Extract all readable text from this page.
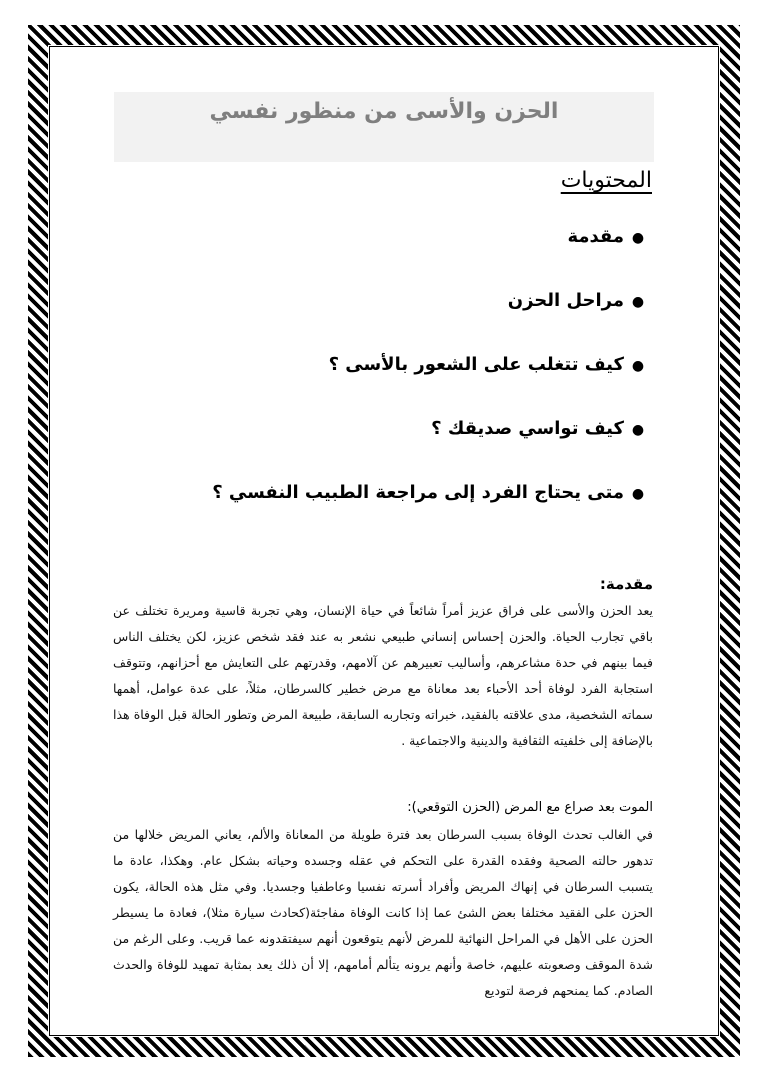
الحزن والأسى من منظور نفسي
المحتويات
●مقدمة
●مراحل الحزن
●كيف تتغلب على الشعور بالأسى ؟
●كيف تواسي صديقك ؟
●متى يحتاج الفرد إلى مراجعة الطبيب النفسي ؟
مقدمة:
يعد الحزن والأسى على فراق عزيز أمراً شائعاً في حياة الإنسان، وهي تجربة قاسية ومريرة تختلف عن باقي تجارب الحياة. والحزن إحساس إنساني طبيعي نشعر به عند فقد شخص عزيز، لكن يختلف الناس فيما بينهم في حدة مشاعرهم، وأساليب تعبيرهم عن آلامهم، وقدرتهم على التعايش مع أحزانهم، وتتوقف استجابة الفرد لوفاة أحد الأحباء بعد معاناة مع مرض خطير كالسرطان، مثلاً، على عدة عوامل، أهمها سماته الشخصية، مدى علاقته بالفقيد، خبراته وتجاربه السابقة، طبيعة المرض وتطور الحالة قبل الوفاة هذا بالإضافة إلى خلفيته الثقافية والدينية والاجتماعية .
الموت بعد صراع مع المرض (الحزن التوقعي):
في الغالب تحدث الوفاة بسبب السرطان بعد فترة طويلة من المعاناة والألم، يعاني المريض خلالها من تدهور حالته الصحية وفقده القدرة على التحكم في عقله وجسده وحياته بشكل عام. وهكذا، عادة ما يتسبب السرطان في إنهاك المريض وأفراد أسرته نفسيا وعاطفيا وجسديا. وفي مثل هذه الحالة، يكون الحزن على الفقيد مختلفا بعض الشئ عما إذا كانت الوفاة مفاجئة(كحادث سيارة مثلا)، فعادة ما يسيطر الحزن على الأهل في المراحل النهائية للمرض لأنهم يتوقعون أنهم سيفتقدونه عما قريب. وعلى الرغم من شدة الموقف وصعوبته عليهم، خاصة وأنهم يرونه يتألم أمامهم، إلا أن ذلك يعد بمثابة تمهيد للوفاة والحدث الصادم. كما يمنحهم فرصة لتوديع
